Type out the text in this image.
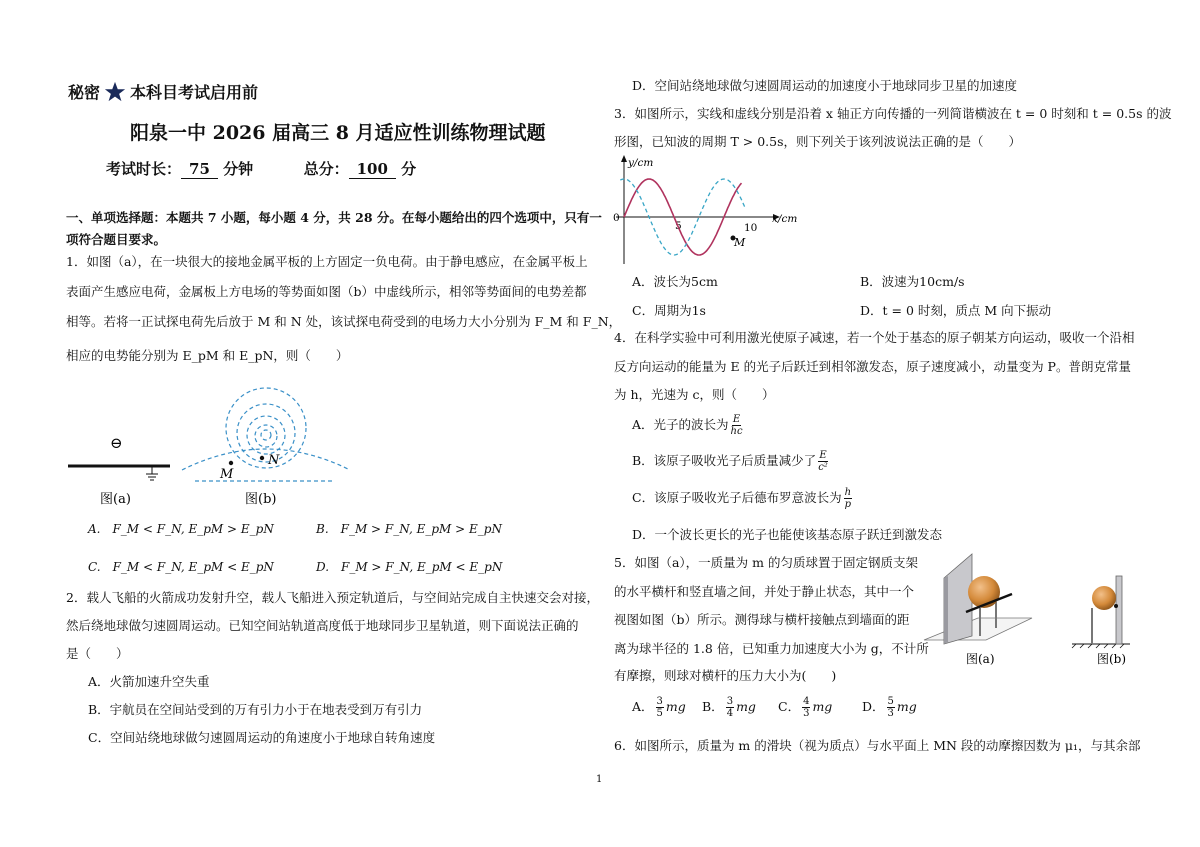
秘密 本科目考试启用前
阳泉一中 2026 届高三 8 月适应性训练物理试题
考试时长： 75 分钟	总分： 100 分
一、单项选择题：本题共 7 小题，每小题 4 分，共 28 分。在每小题给出的四个选项中，只有一
项符合题目要求。
1．如图（a），在一块很大的接地金属平板的上方固定一负电荷。由于静电感应，在金属平板上
表面产生感应电荷，金属板上方电场的等势面如图（b）中虚线所示，相邻等势面间的电势差都
相等。若将一正试探电荷先后放于 M 和 N 处，该试探电荷受到的电场力大小分别为 F_M 和 F_N，
相应的电势能分别为 E_pM 和 E_pN，则（　　）
⊖
图(a)
M
N
图(b)
A.　F_M < F_N, E_pM > E_pN	B.　F_M > F_N, E_pM > E_pN
C.　F_M < F_N, E_pM < E_pN	D.　F_M > F_N, E_pM < E_pN
2．载人飞船的火箭成功发射升空，载人飞船进入预定轨道后，与空间站完成自主快速交会对接，
然后绕地球做匀速圆周运动。已知空间站轨道高度低于地球同步卫星轨道，则下面说法正确的
是（　　）
A．火箭加速升空失重
B．宇航员在空间站受到的万有引力小于在地表受到万有引力
C．空间站绕地球做匀速圆周运动的角速度小于地球自转角速度
D．空间站绕地球做匀速圆周运动的加速度小于地球同步卫星的加速度
3．如图所示，实线和虚线分别是沿着 x 轴正方向传播的一列简谐横波在 t = 0 时刻和 t = 0.5s 的波
形图，已知波的周期 T > 0.5s，则下列关于该列波说法正确的是（　　）
y/cm
x/cm
0
5	10
M
A．波长为5cm	B．波速为10cm/s
C．周期为1s	D．t = 0 时刻，质点 M 向下振动
4．在科学实验中可利用激光使原子减速，若一个处于基态的原子朝某方向运动，吸收一个沿相
反方向运动的能量为 E 的光子后跃迁到相邻激发态，原子速度减小，动量变为 P。普朗克常量
为 h，光速为 c，则（　　）
A．光子的波长为 $\frac{E}{hc}$
B．该原子吸收光子后质量减少了 $\frac{E}{\text{c²}}$
C．该原子吸收光子后德布罗意波长为 $\frac{h}{p}$
D．一个波长更长的光子也能使该基态原子跃迁到激发态
5．如图（a），一质量为 m 的匀质球置于固定钢质支架
的水平横杆和竖直墙之间，并处于静止状态，其中一个
视图如图（b）所示。测得球与横杆接触点到墙面的距
离为球半径的 1.8 倍，已知重力加速度大小为 g，不计所
有摩擦，则球对横杆的压力大小为(　　)
图(a)	图(b)
A． $\frac{3}{5}$ mg B． $\frac{3}{4}$ mg C． $\frac{4}{3}$ mg D． $\frac{5}{3}$ mg
6．如图所示，质量为 m 的滑块（视为质点）与水平面上 MN 段的动摩擦因数为 μ₁，与其余部
1
